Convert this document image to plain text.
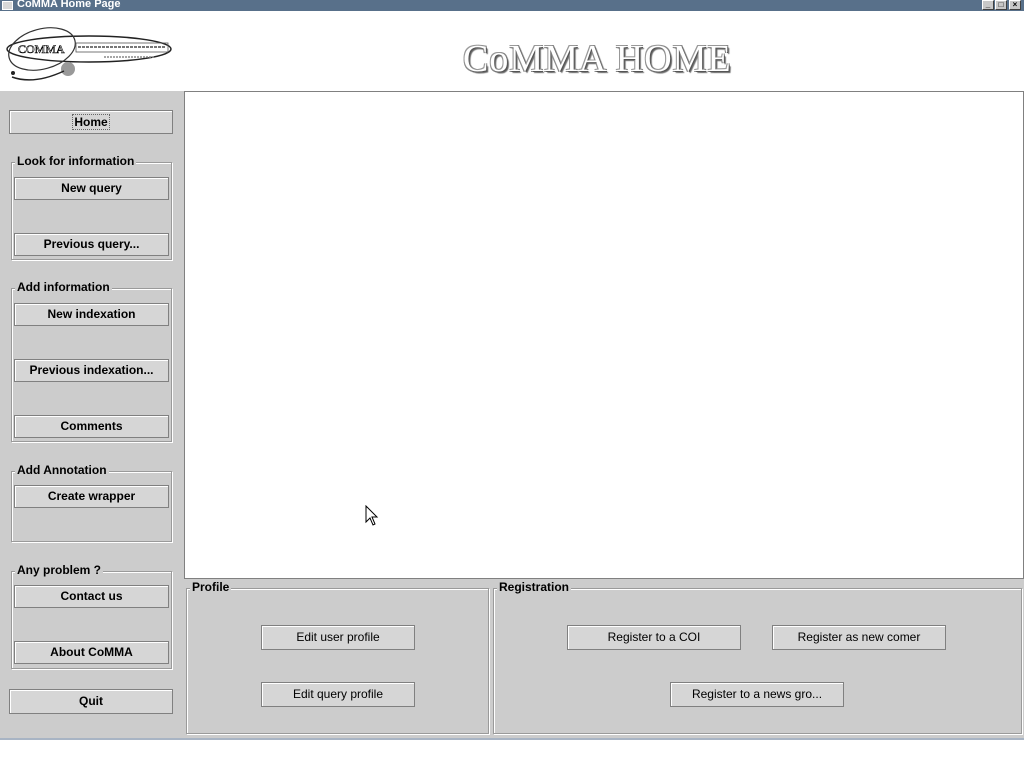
CoMMA Home Page	_	□	×
COMMA	CoMMA HOME
Home
Look for information
New query
Previous query...
Add information
New indexation
Previous indexation...
Comments
Add Annotation
Create wrapper
Any problem ?
Contact us
About CoMMA
Quit
Profile
Edit user profile
Edit query profile
Registration
Register to a COI	Register as new comer
Register to a news gro...
